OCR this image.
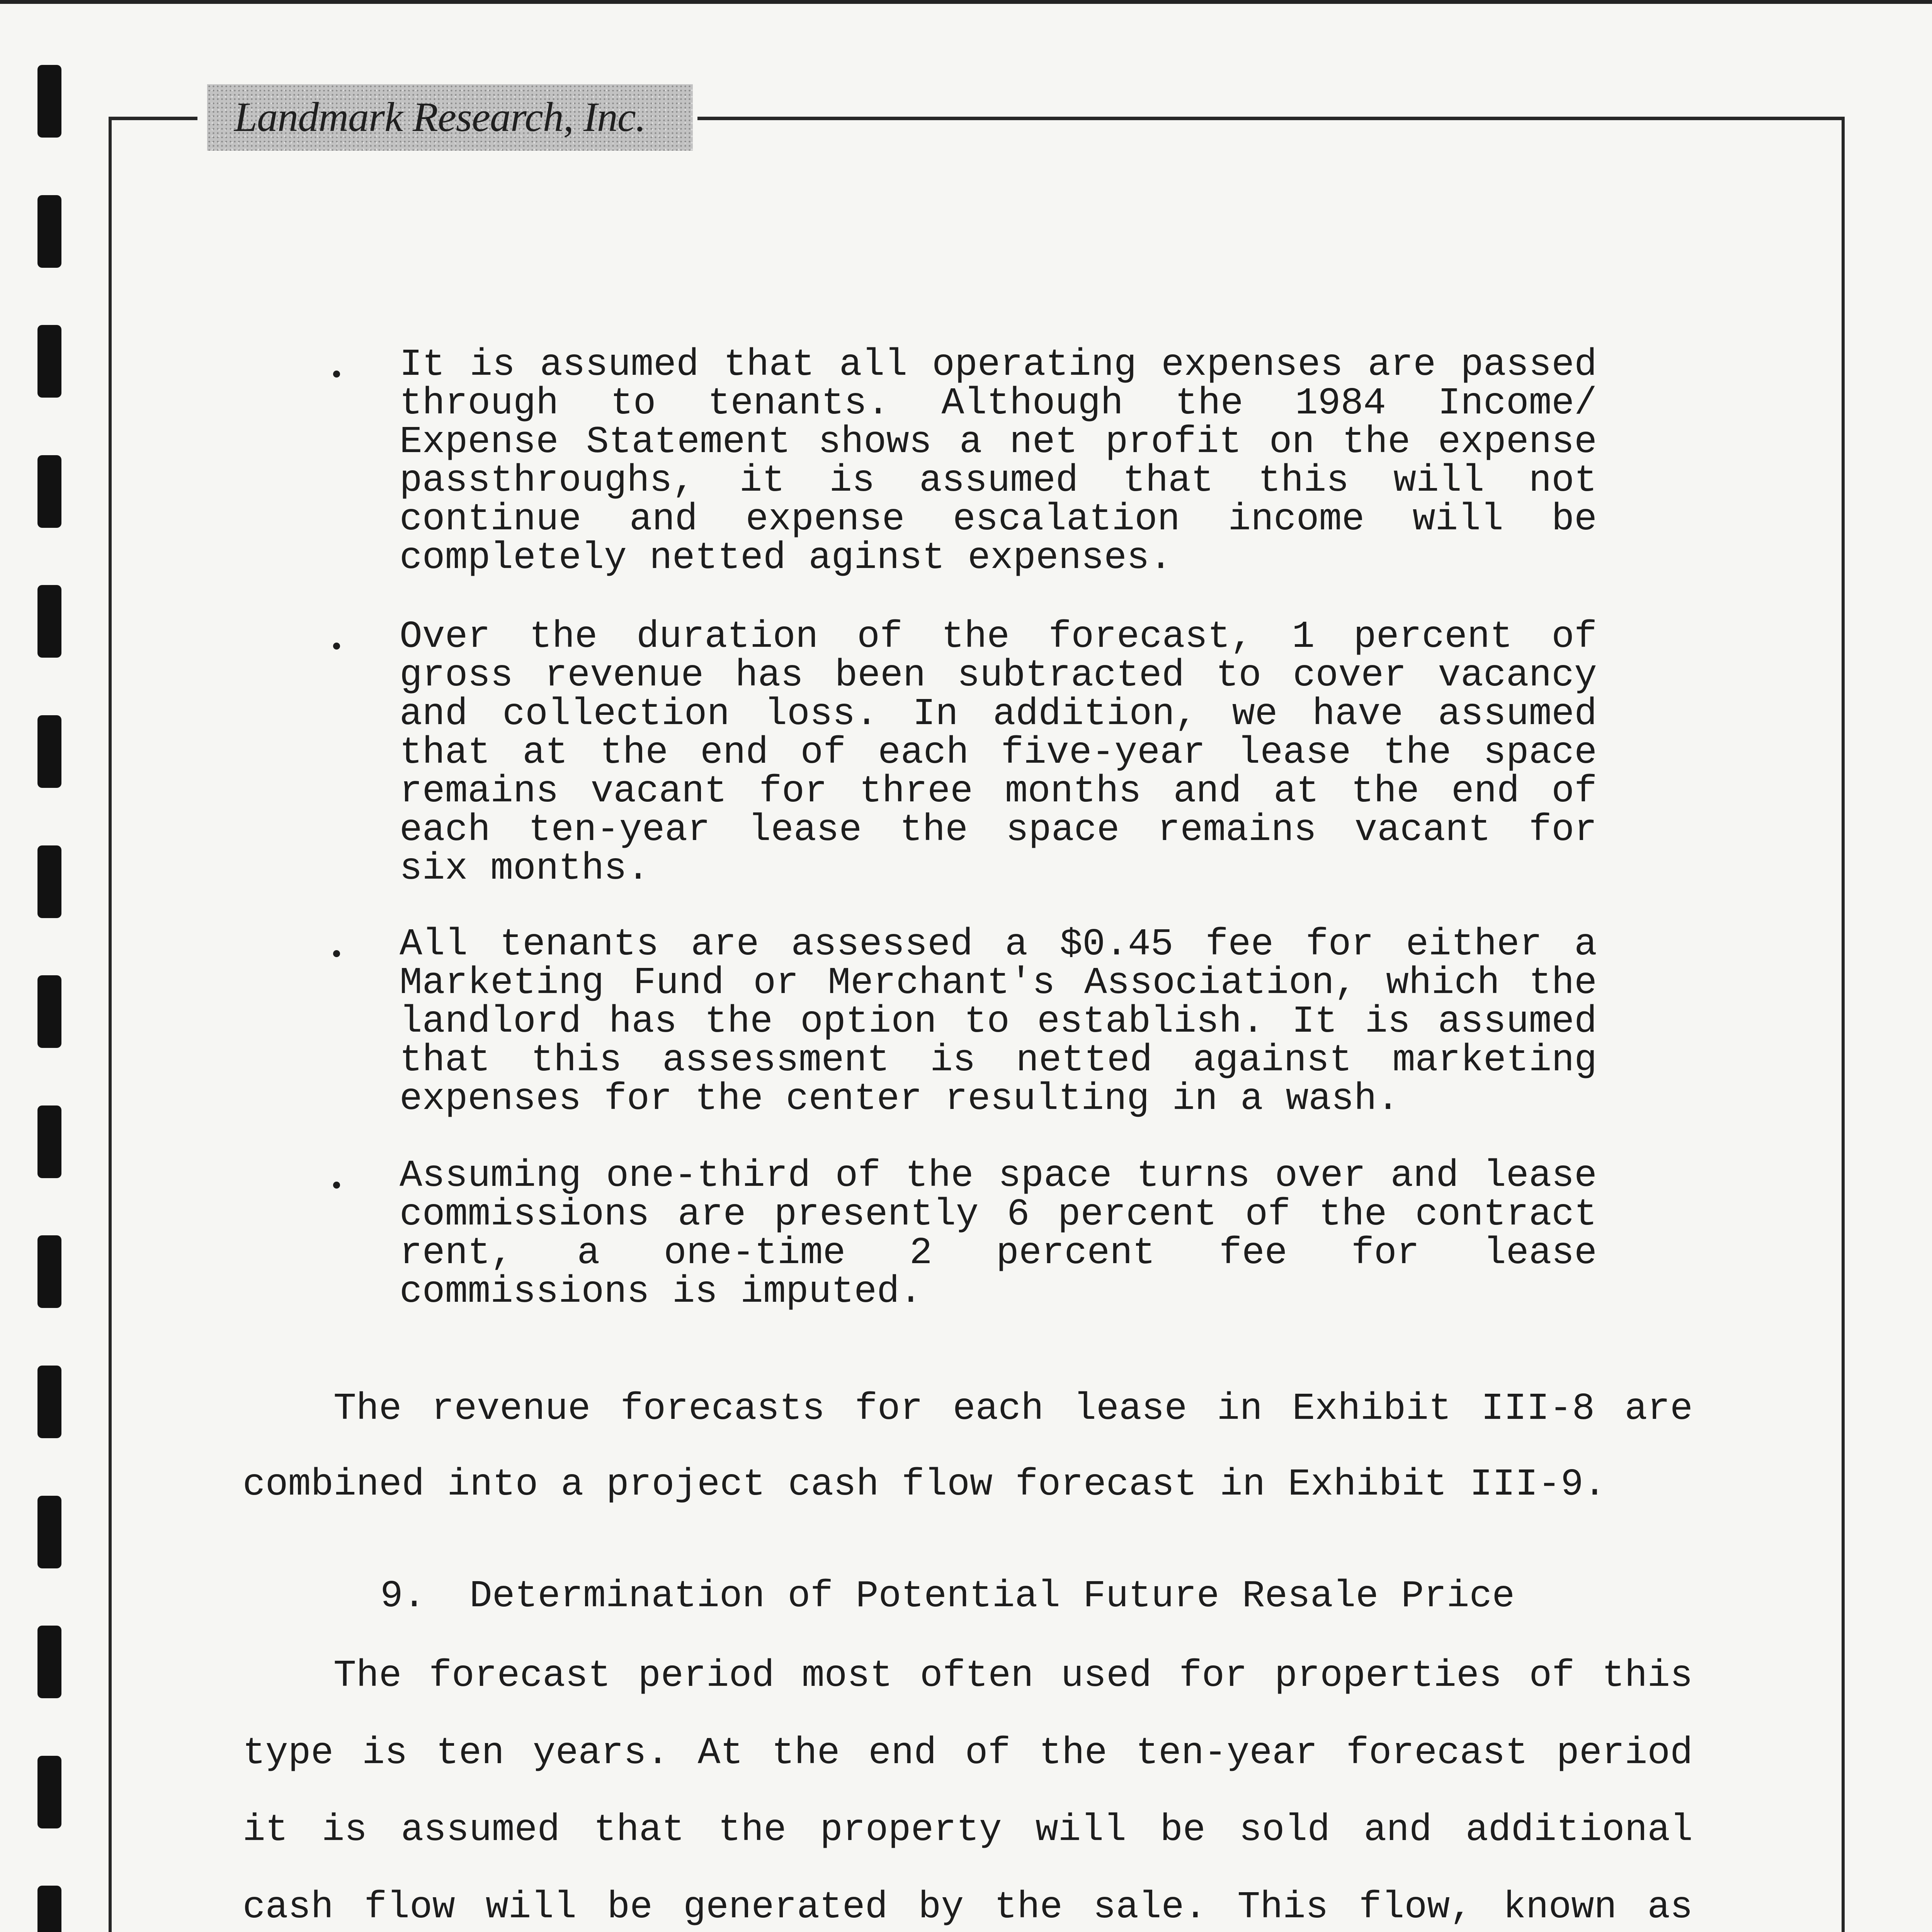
Landmark Research, Inc.
It is assumed that all operating expenses are passed
through to tenants. Although the 1984 Income/
Expense Statement shows a net profit on the expense
passthroughs, it is assumed that this will not
continue and expense escalation income will be
completely netted aginst expenses.
Over the duration of the forecast, 1 percent of
gross revenue has been subtracted to cover vacancy
and collection loss. In addition, we have assumed
that at the end of each five-year lease the space
remains vacant for three months and at the end of
each ten-year lease the space remains vacant for
six months.
All tenants are assessed a $0.45 fee for either a
Marketing Fund or Merchant's Association, which the
landlord has the option to establish. It is assumed
that this assessment is netted against marketing
expenses for the center resulting in a wash.
Assuming one-third of the space turns over and lease
commissions are presently 6 percent of the contract
rent, a one-time 2 percent fee for lease
commissions is imputed.
The revenue forecasts for each lease in Exhibit III-8 are
combined into a project cash flow forecast in Exhibit III-9.
9.	Determination of Potential Future Resale Price
The forecast period most often used for properties of this
type is ten years. At the end of the ten-year forecast period
it is assumed that the property will be sold and additional
cash flow will be generated by the sale. This flow, known as
